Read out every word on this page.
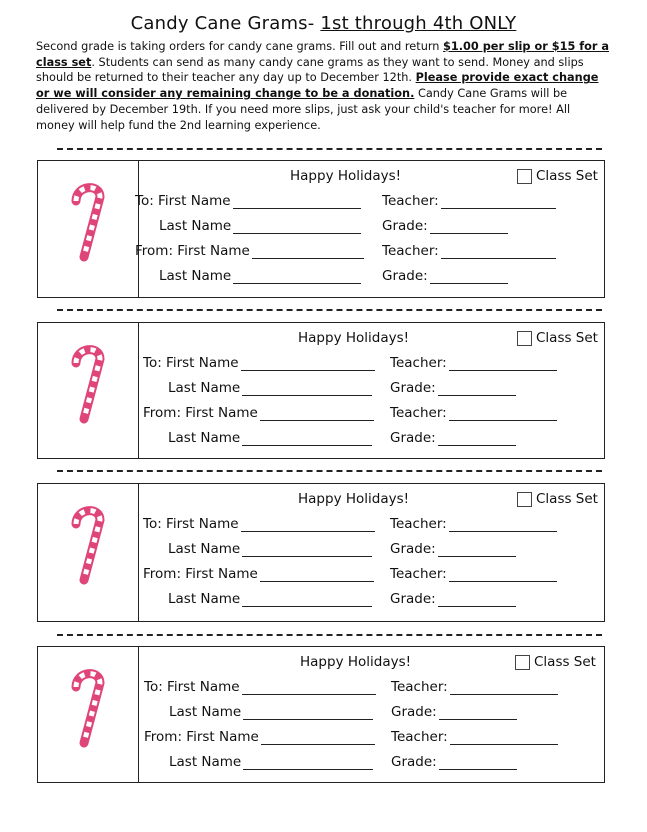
Candy Cane Grams- 1st through 4th ONLY
Second grade is taking orders for candy cane grams. Fill out and return $1.00 per slip or $15 for a class set. Students can send as many candy cane grams as they want to send. Money and slips should be returned to their teacher any day up to December 12th. Please provide exact change or we will consider any remaining change to be a donation. Candy Cane Grams will be delivered by December 19th. If you need more slips, just ask your child's teacher for more! All money will help fund the 2nd learning experience.
Happy Holidays!	Class Set
To: First Name	Teacher:
Last Name	Grade:
From: First Name	Teacher:
Last Name	Grade:
Happy Holidays!	Class Set
To: First Name	Teacher:
Last Name	Grade:
From: First Name	Teacher:
Last Name	Grade:
Happy Holidays!	Class Set
To: First Name	Teacher:
Last Name	Grade:
From: First Name	Teacher:
Last Name	Grade:
Happy Holidays!	Class Set
To: First Name	Teacher:
Last Name	Grade:
From: First Name	Teacher:
Last Name	Grade:
